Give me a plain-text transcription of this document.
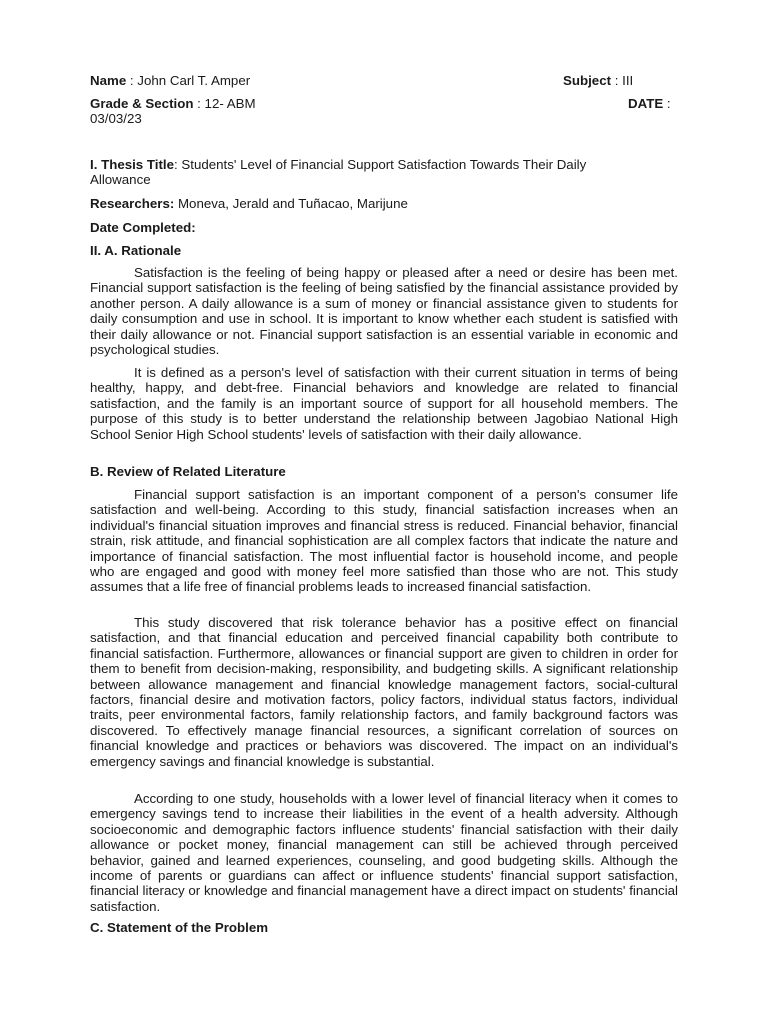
Name : John Carl T. Amper	Subject : III
Grade & Section : 12- ABM	DATE :
03/03/23
I. Thesis Title: Students' Level of Financial Support Satisfaction Towards Their Daily
Allowance
Researchers: Moneva, Jerald and Tuñacao, Marijune
Date Completed:
II. A. Rationale

Satisfaction is the feeling of being happy or pleased after a need or desire has been met. Financial support satisfaction is the feeling of being satisfied by the financial assistance provided by another person. A daily allowance is a sum of money or financial assistance given to students for daily consumption and use in school. It is important to know whether each student is satisfied with their daily allowance or not. Financial support satisfaction is an essential variable in economic and psychological studies.

It is defined as a person's level of satisfaction with their current situation in terms of being healthy, happy, and debt-free. Financial behaviors and knowledge are related to financial satisfaction, and the family is an important source of support for all household members. The purpose of this study is to better understand the relationship between Jagobiao National High School Senior High School students' levels of satisfaction with their daily allowance.

B. Review of Related Literature

Financial support satisfaction is an important component of a person's consumer life satisfaction and well-being. According to this study, financial satisfaction increases when an individual's financial situation improves and financial stress is reduced. Financial behavior, financial strain, risk attitude, and financial sophistication are all complex factors that indicate the nature and importance of financial satisfaction. The most influential factor is household income, and people who are engaged and good with money feel more satisfied than those who are not. This study assumes that a life free of financial problems leads to increased financial satisfaction.

This study discovered that risk tolerance behavior has a positive effect on financial satisfaction, and that financial education and perceived financial capability both contribute to financial satisfaction. Furthermore, allowances or financial support are given to children in order for them to benefit from decision-making, responsibility, and budgeting skills. A significant relationship between allowance management and financial knowledge management factors, social-cultural factors, financial desire and motivation factors, policy factors, individual status factors, individual traits, peer environmental factors, family relationship factors, and family background factors was discovered. To effectively manage financial resources, a significant correlation of sources on financial knowledge and practices or behaviors was discovered. The impact on an individual's emergency savings and financial knowledge is substantial.

According to one study, households with a lower level of financial literacy when it comes to emergency savings tend to increase their liabilities in the event of a health adversity. Although socioeconomic and demographic factors influence students' financial satisfaction with their daily allowance or pocket money, financial management can still be achieved through perceived behavior, gained and learned experiences, counseling, and good budgeting skills. Although the income of parents or guardians can affect or influence students' financial support satisfaction, financial literacy or knowledge and financial management have a direct impact on students' financial satisfaction.

C. Statement of the Problem
